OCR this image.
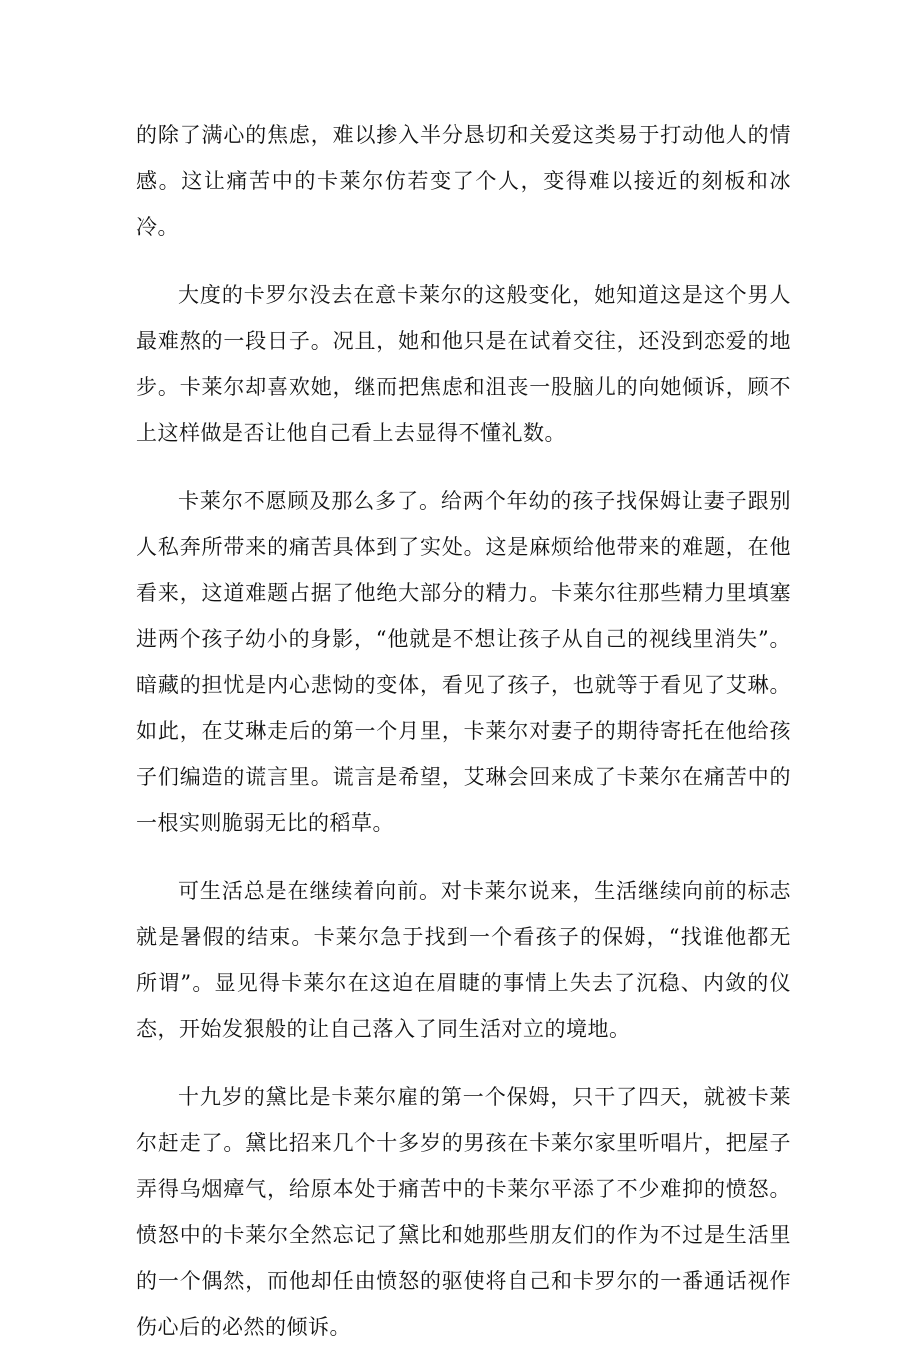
的除了满心的焦虑，难以掺入半分恳切和关爱这类易于打动他人的情感。这让痛苦中的卡莱尔仿若变了个人，变得难以接近的刻板和冰冷。

大度的卡罗尔没去在意卡莱尔的这般变化，她知道这是这个男人最难熬的一段日子。况且，她和他只是在试着交往，还没到恋爱的地步。卡莱尔却喜欢她，继而把焦虑和沮丧一股脑儿的向她倾诉，顾不上这样做是否让他自己看上去显得不懂礼数。

卡莱尔不愿顾及那么多了。给两个年幼的孩子找保姆让妻子跟别人私奔所带来的痛苦具体到了实处。这是麻烦给他带来的难题，在他看来，这道难题占据了他绝大部分的精力。卡莱尔往那些精力里填塞进两个孩子幼小的身影，“他就是不想让孩子从自己的视线里消失”。暗藏的担忧是内心悲恸的变体，看见了孩子，也就等于看见了艾琳。如此，在艾琳走后的第一个月里，卡莱尔对妻子的期待寄托在他给孩子们编造的谎言里。谎言是希望，艾琳会回来成了卡莱尔在痛苦中的一根实则脆弱无比的稻草。

可生活总是在继续着向前。对卡莱尔说来，生活继续向前的标志就是暑假的结束。卡莱尔急于找到一个看孩子的保姆，“找谁他都无所谓”。显见得卡莱尔在这迫在眉睫的事情上失去了沉稳、内敛的仪态，开始发狠般的让自己落入了同生活对立的境地。

十九岁的黛比是卡莱尔雇的第一个保姆，只干了四天，就被卡莱尔赶走了。黛比招来几个十多岁的男孩在卡莱尔家里听唱片，把屋子弄得乌烟瘴气，给原本处于痛苦中的卡莱尔平添了不少难抑的愤怒。愤怒中的卡莱尔全然忘记了黛比和她那些朋友们的作为不过是生活里的一个偶然，而他却任由愤怒的驱使将自己和卡罗尔的一番通话视作伤心后的必然的倾诉。
